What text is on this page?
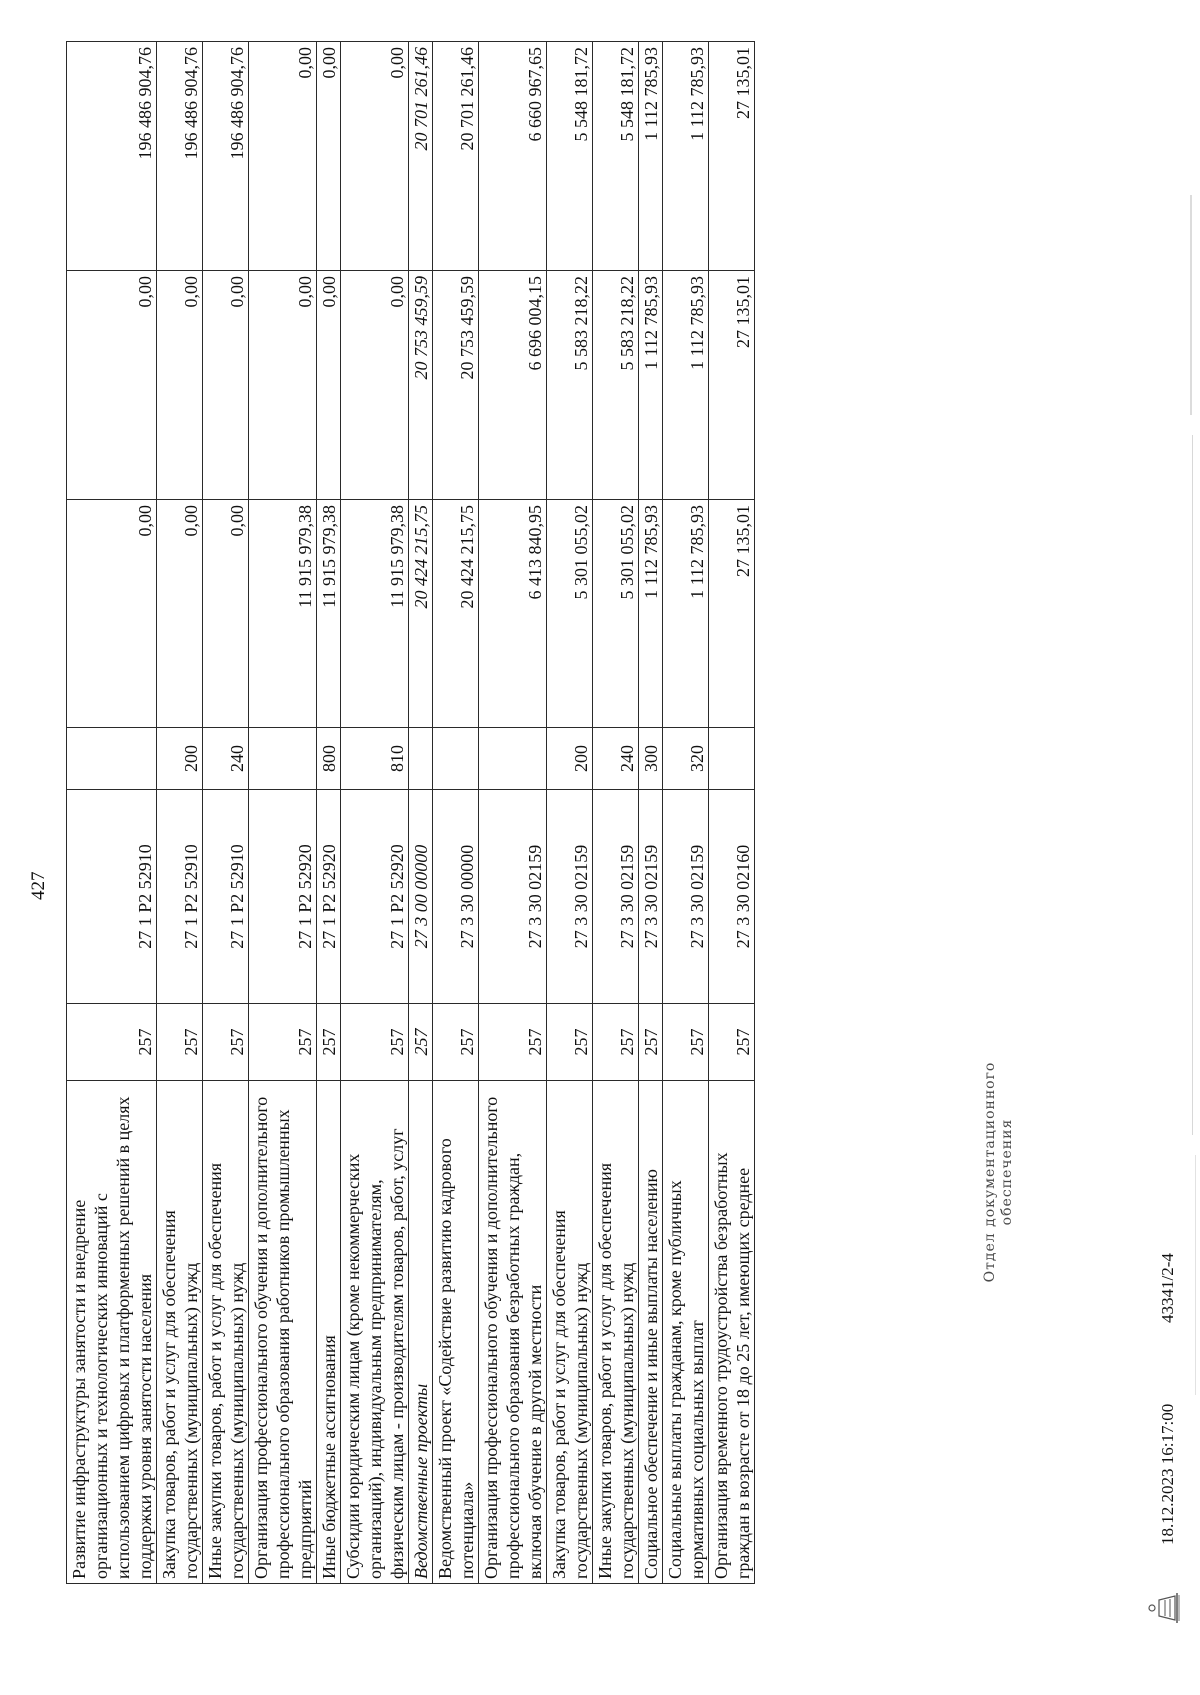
427
Развитие инфраструктуры занятости и внедрение организационных и технологических инноваций с использованием цифровых и платформенных решений в целях поддержки уровня занятости населения	257	27 1 P2 52910		0,00	0,00	196 486 904,76
Закупка товаров, работ и услуг для обеспечения государственных (муниципальных) нужд	257	27 1 P2 52910	200	0,00	0,00	196 486 904,76
Иные закупки товаров, работ и услуг для обеспечения государственных (муниципальных) нужд	257	27 1 P2 52910	240	0,00	0,00	196 486 904,76
Организация профессионального обучения и дополнительного профессионального образования работников промышленных предприятий	257	27 1 P2 52920		11 915 979,38	0,00	0,00
Иные бюджетные ассигнования	257	27 1 P2 52920	800	11 915 979,38	0,00	0,00
Субсидии юридическим лицам (кроме некоммерческих организаций), индивидуальным предпринимателям, физическим лицам - производителям товаров, работ, услуг	257	27 1 P2 52920	810	11 915 979,38	0,00	0,00
Ведомственные проекты	257	27 3 00 00000		20 424 215,75	20 753 459,59	20 701 261,46
Ведомственный проект «Содействие развитию кадрового потенциала»	257	27 3 30 00000		20 424 215,75	20 753 459,59	20 701 261,46
Организация профессионального обучения и дополнительного профессионального образования безработных граждан, включая обучение в другой местности	257	27 3 30 02159		6 413 840,95	6 696 004,15	6 660 967,65
Закупка товаров, работ и услуг для обеспечения государственных (муниципальных) нужд	257	27 3 30 02159	200	5 301 055,02	5 583 218,22	5 548 181,72
Иные закупки товаров, работ и услуг для обеспечения государственных (муниципальных) нужд	257	27 3 30 02159	240	5 301 055,02	5 583 218,22	5 548 181,72
Социальное обеспечение и иные выплаты населению	257	27 3 30 02159	300	1 112 785,93	1 112 785,93	1 112 785,93
Социальные выплаты гражданам, кроме публичных нормативных социальных выплат	257	27 3 30 02159	320	1 112 785,93	1 112 785,93	1 112 785,93
Организация временного трудоустройства безработных граждан в возрасте от 18 до 25 лет, имеющих среднее	257	27 3 30 02160		27 135,01	27 135,01	27 135,01
Отдел документационного обеспечения
18.12.2023 16:17:00
43341/2-4
